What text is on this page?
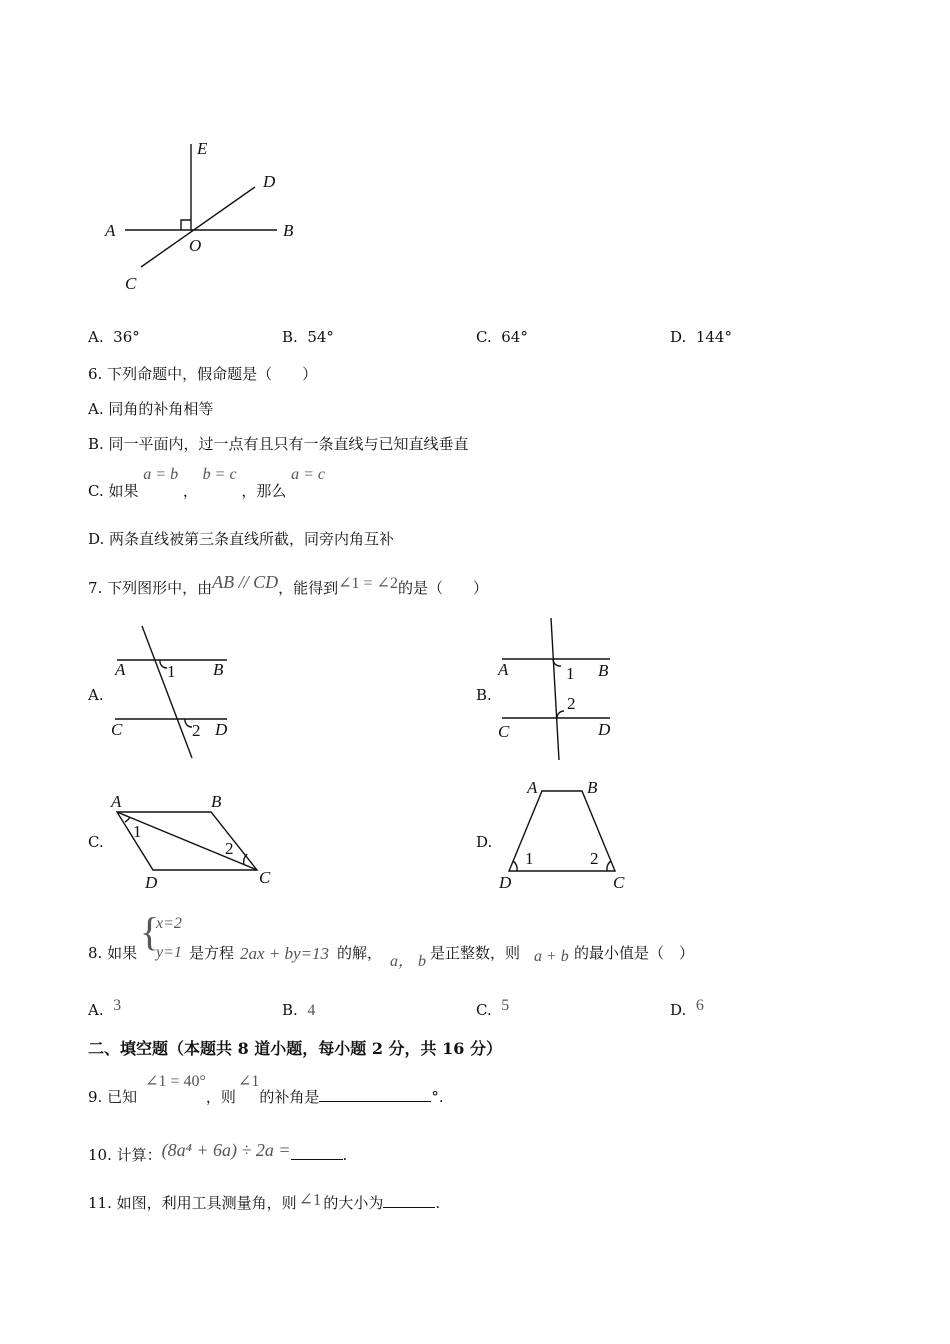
E
D
A
O
B
C
A. 36°	B. 54°	C. 64°	D. 144°
6. 下列命题中，假命题是（　　）
A. 同角的补角相等
B. 同一平面内，过一点有且只有一条直线与已知直线垂直
C. 如果 a = b ， b = c ，那么 a = c
D. 两条直线被第三条直线所截，同旁内角互补
7. 下列图形中，由AB // CD，能得到∠1 = ∠2的是（　　）
A.
A 1 B
C	2 D
B.
A	1 B
2
C	D
C.
A	B
1
2
D	C
D.
A	B
1	2
D	C
8. 如果 {
x=2
y=1 是方程 2ax + by=13 的解， a， b 是正整数，则 a + b 的最小值是（　）
A. 3	B. 4	C. 5	D. 6
二、填空题（本题共 8 道小题，每小题 2 分，共 16 分）
9. 已知∠1 = 40°，则∠1的补角是	°.
10. 计算：(8a⁴ + 6a) ÷ 2a =	.
11. 如图，利用工具测量角，则 ∠1 的大小为	.
